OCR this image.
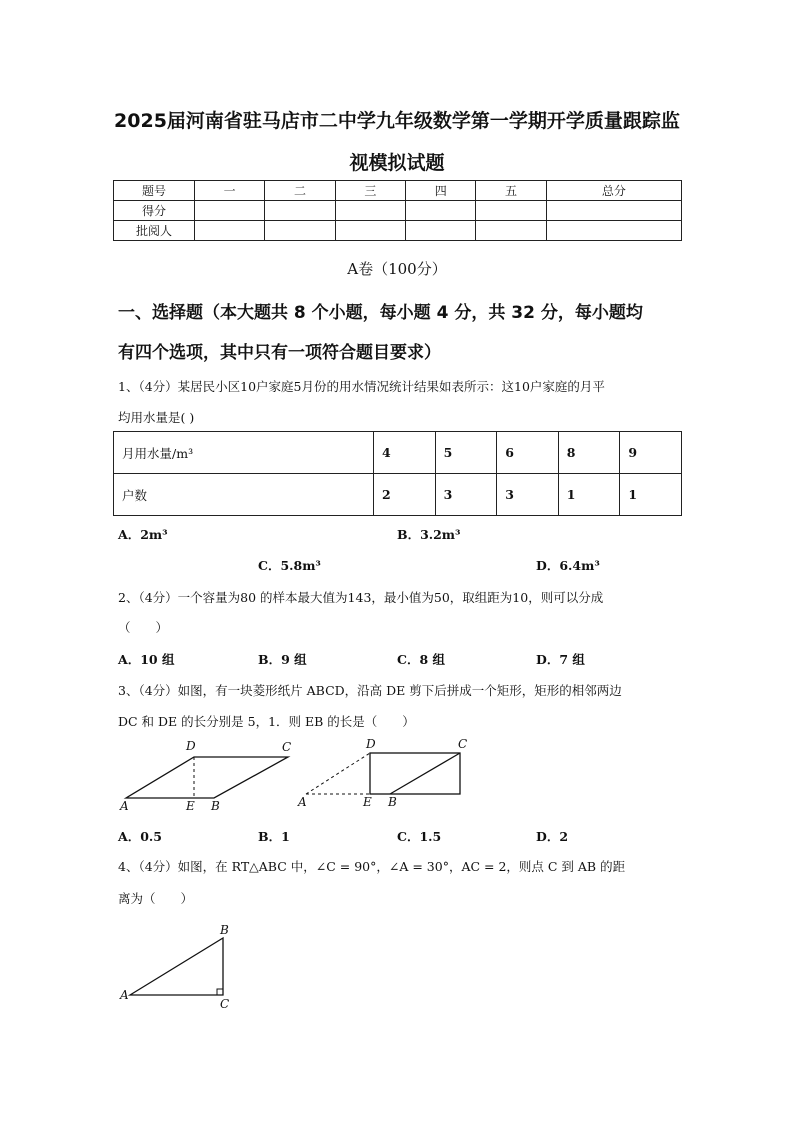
2025届河南省驻马店市二中学九年级数学第一学期开学质量跟踪监
视模拟试题
题号	一	二	三	四	五	总分
得分						
批阅人						
A卷（100分）
一、选择题（本大题共 8 个小题，每小题 4 分，共 32 分，每小题均
有四个选项，其中只有一项符合题目要求）
1、（4分）某居民小区10户家庭5月份的用水情况统计结果如表所示：这10户家庭的月平
均用水量是( )
月用水量/m³	4	5	6	8	9
户数	2	3	3	1	1
A．2m³	B．3.2m³
C．5.8m³	D．6.4m³
2、（4分）一个容量为80 的样本最大值为143，最小值为50，取组距为10，则可以分成
（　　）
A．10 组	B．9 组	C．8 组	D．7 组
3、（4分）如图，有一块菱形纸片 ABCD，沿高 DE 剪下后拼成一个矩形，矩形的相邻两边
DC 和 DE 的长分别是 5，1．则 EB 的长是（　　）
D	C
A	E B
D	C
A	E B
A．0.5	B．1	C．1.5	D．2
4、（4分）如图，在 RT△ABC 中，∠C = 90°，∠A = 30°，AC = 2，则点 C 到 AB 的距
离为（　　）
B
A
C
